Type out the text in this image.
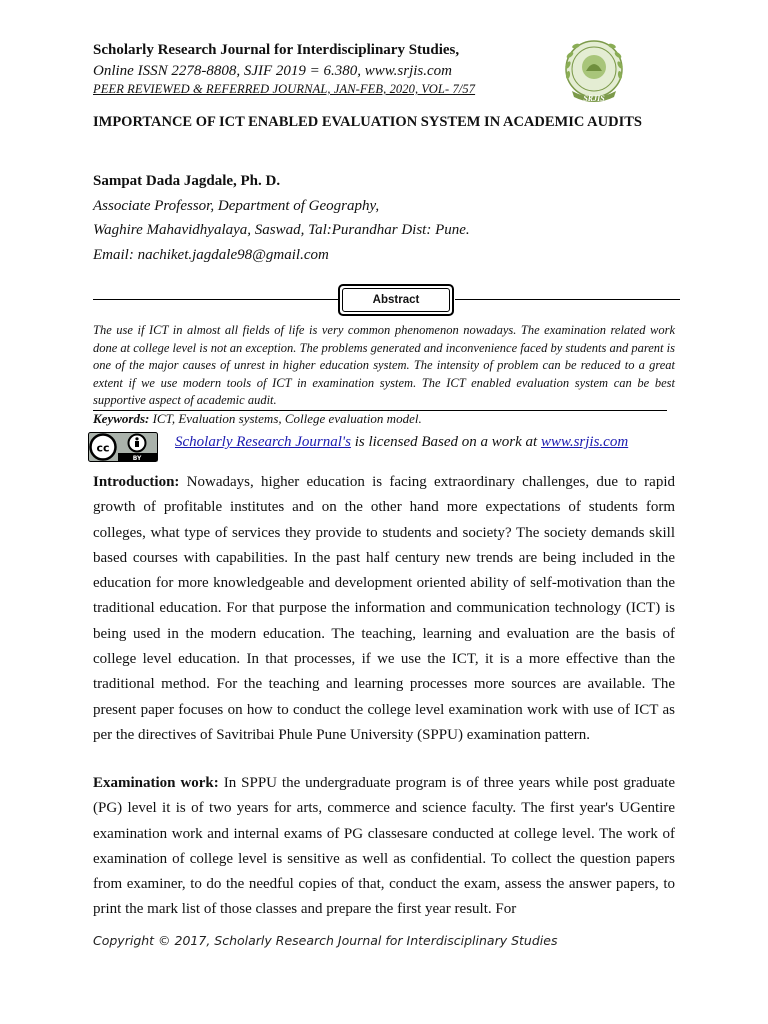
Scholarly Research Journal for Interdisciplinary Studies,
Online ISSN 2278-8808, SJIF 2019 = 6.380, www.srjis.com
PEER REVIEWED & REFERRED JOURNAL, JAN-FEB, 2020, VOL- 7/57
SRJIS
IMPORTANCE OF ICT ENABLED EVALUATION SYSTEM IN ACADEMIC AUDITS
Sampat Dada Jagdale, Ph. D.
Associate Professor, Department of Geography,
Waghire Mahavidhyalaya, Saswad, Tal:Purandhar Dist: Pune.
Email: nachiket.jagdale98@gmail.com
Abstract
The use if ICT in almost all fields of life is very common phenomenon nowadays. The examination related work done at college level is not an exception. The problems generated and inconvenience faced by students and parent is one of the major causes of unrest in higher education system. The intensity of problem can be reduced to a great extent if we use modern tools of ICT in examination system. The ICT enabled evaluation system can be best supportive aspect of academic audit.
Keywords: ICT, Evaluation systems, College evaluation model.
cc
BY
Scholarly Research Journal's is licensed Based on a work at www.srjis.com
Introduction: Nowadays, higher education is facing extraordinary challenges, due to rapid growth of profitable institutes and on the other hand more expectations of students form colleges, what type of services they provide to students and society? The society demands skill based courses with capabilities. In the past half century new trends are being included in the education for more knowledgeable and development oriented ability of self-motivation than the traditional education. For that purpose the information and communication technology (ICT) is being used in the modern education. The teaching, learning and evaluation are the basis of college level education. In that processes, if we use the ICT, it is a more effective than the traditional method. For the teaching and learning processes more sources are available. The present paper focuses on how to conduct the college level examination work with use of ICT as per the directives of Savitribai Phule Pune University (SPPU) examination pattern.
Examination work: In SPPU the undergraduate program is of three years while post graduate (PG) level it is of two years for arts, commerce and science faculty. The first year's UGentire examination work and internal exams of PG classesare conducted at college level. The work of examination of college level is sensitive as well as confidential. To collect the question papers from examiner, to do the needful copies of that, conduct the exam, assess the answer papers, to print the mark list of those classes and prepare the first year result. For
Copyright © 2017, Scholarly Research Journal for Interdisciplinary Studies
